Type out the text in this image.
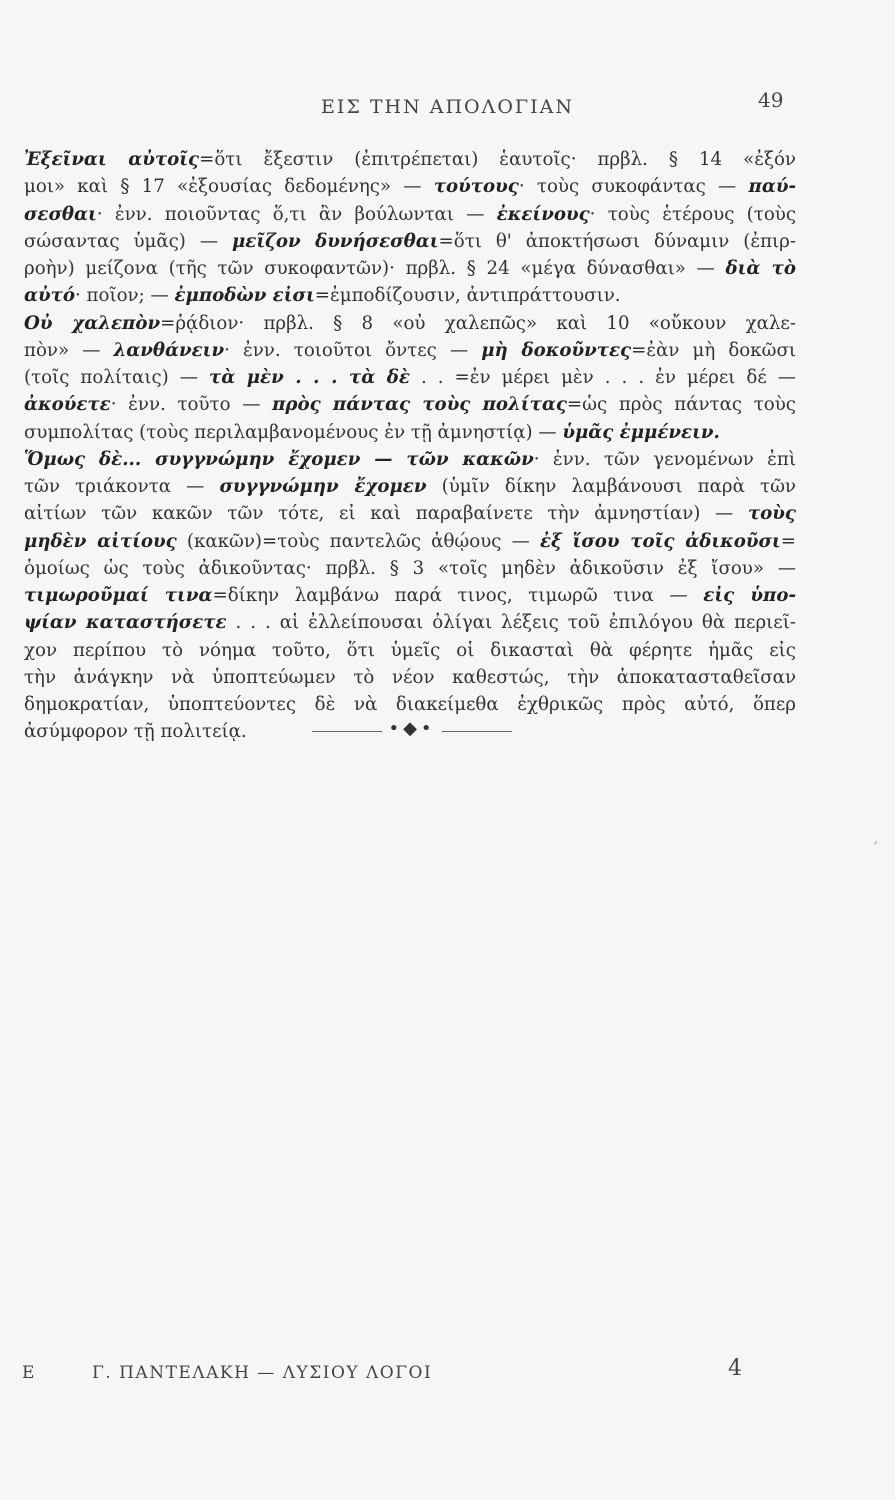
ΕΙΣ ΤΗΝ ΑΠΟΛΟΓΙΑΝ	49
Ἐξεῖναι αὐτοῖς=ὅτι ἔξεστιν (ἐπιτρέπεται) ἑαυτοῖς· πρβλ. § 14 «ἐξόν
μοι» καὶ § 17 «ἐξουσίας δεδομένης» — τούτους· τοὺς συκοφάντας — παύ-
σεσθαι· ἐνν. ποιοῦντας ὅ,τι ἂν βούλωνται — ἐκείνους· τοὺς ἑτέρους (τοὺς
σώσαντας ὑμᾶς) — μεῖζον δυνήσεσθαι=ὅτι θ' ἀποκτήσωσι δύναμιν (ἐπιρ-
ροὴν) μείζονα (τῆς τῶν συκοφαντῶν)· πρβλ. § 24 «μέγα δύνασθαι» — διὰ τὸ
αὐτό· ποῖον; — ἐμποδὼν εἰσι=ἐμποδίζουσιν, ἀντιπράττουσιν.
Οὐ χαλεπὸν=ῥᾴδιον· πρβλ. § 8 «οὐ χαλεπῶς» καὶ 10 «οὔκουν χαλε-
πὸν» — λανθάνειν· ἐνν. τοιοῦτοι ὄντες — μὴ δοκοῦντες=ἐὰν μὴ δοκῶσι
(τοῖς πολίταις) — τὰ μὲν . . . τὰ δὲ . . =ἐν μέρει μὲν . . . ἐν μέρει δέ —
ἀκούετε· ἐνν. τοῦτο — πρὸς πάντας τοὺς πολίτας=ὡς πρὸς πάντας τοὺς
συμπολίτας (τοὺς περιλαμβανομένους ἐν τῇ ἀμνηστίᾳ) — ὑμᾶς ἐμμένειν.
Ὅμως δὲ... συγγνώμην ἔχομεν — τῶν κακῶν· ἐνν. τῶν γενομένων ἐπὶ
τῶν τριάκοντα — συγγνώμην ἔχομεν (ὑμῖν δίκην λαμβάνουσι παρὰ τῶν
αἰτίων τῶν κακῶν τῶν τότε, εἰ καὶ παραβαίνετε τὴν ἀμνηστίαν) — τοὺς
μηδὲν αἰτίους (κακῶν)=τοὺς παντελῶς ἀθῴους — ἐξ ἴσου τοῖς ἀδικοῦσι=
ὁμοίως ὡς τοὺς ἀδικοῦντας· πρβλ. § 3 «τοῖς μηδὲν ἀδικοῦσιν ἐξ ἴσου» —
τιμωροῦμαί τινα=δίκην λαμβάνω παρά τινος, τιμωρῶ τινα — εἰς ὑπο-
ψίαν καταστήσετε . . . αἱ ἐλλείπουσαι ὀλίγαι λέξεις τοῦ ἐπιλόγου θὰ περιεῖ-
χον περίπου τὸ νόημα τοῦτο, ὅτι ὑμεῖς οἱ δικασταὶ θὰ φέρητε ἡμᾶς εἰς
τὴν ἀνάγκην νὰ ὑποπτεύωμεν τὸ νέον καθεστώς, τὴν ἀποκατασταθεῖσαν
δημοκρατίαν, ὑποπτεύοντες δὲ νὰ διακείμεθα ἐχθρικῶς πρὸς αὐτό, ὅπερ
ἀσύμφορον τῇ πολιτείᾳ.	•◆•
,
Ε	Γ. ΠΑΝΤΕΛΑΚΗ — ΛΥΣΙΟΥ ΛΟΓΟΙ	4
